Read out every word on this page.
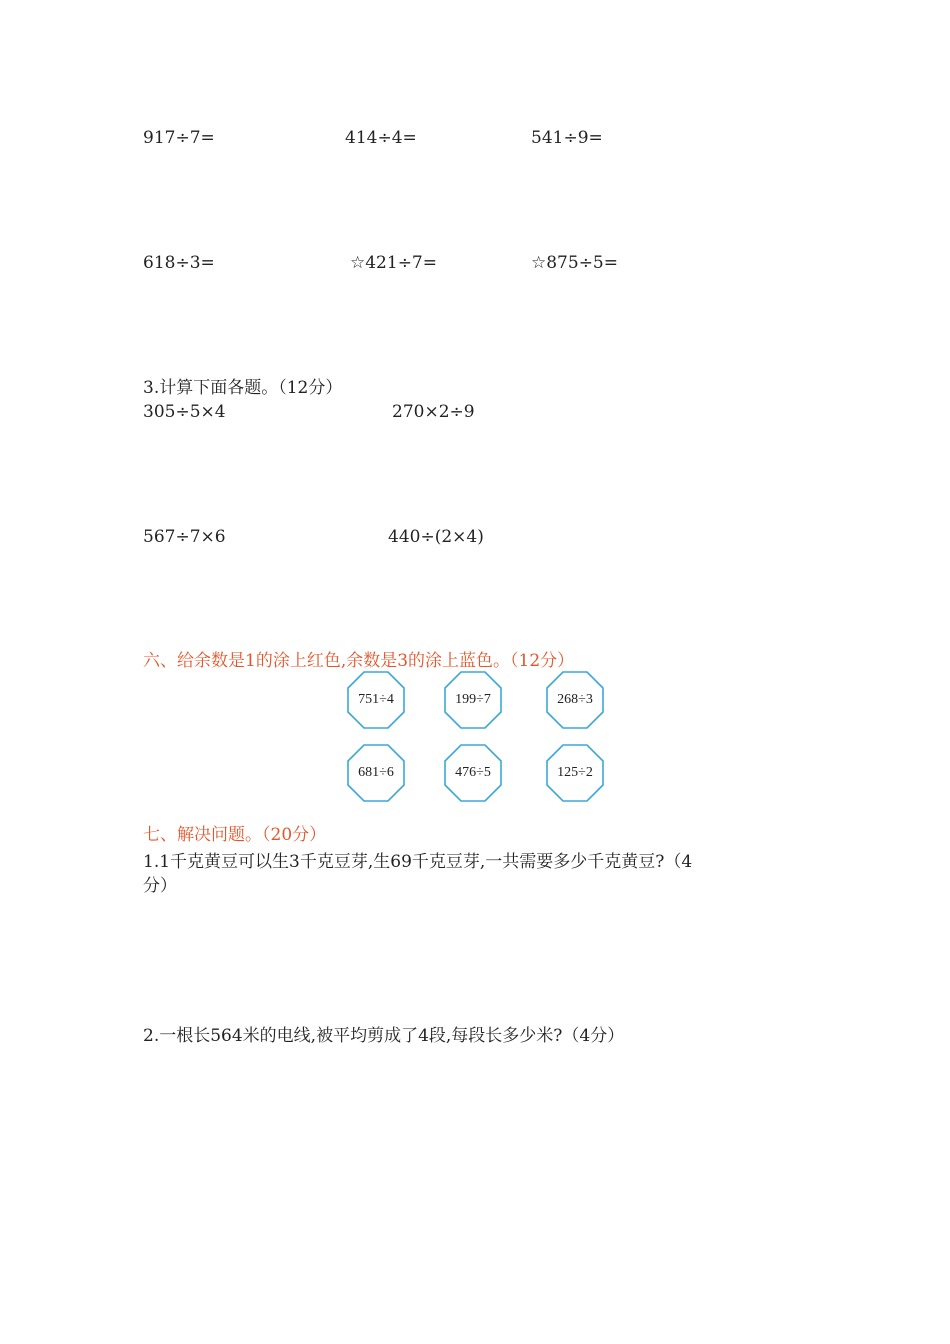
917÷7=	414÷4=	541÷9=
618÷3=	☆421÷7=	☆875÷5=
3.计算下面各题。（12分）
305÷5×4	270×2÷9
567÷7×6	440÷(2×4)
六、给余数是1的涂上红色,余数是3的涂上蓝色。（12分）
751÷4	199÷7	268÷3
681÷6	476÷5	125÷2
七、解决问题。（20分）
1.1千克黄豆可以生3千克豆芽,生69千克豆芽,一共需要多少千克黄豆?（4
分）
2.一根长564米的电线,被平均剪成了4段,每段长多少米?（4分）
